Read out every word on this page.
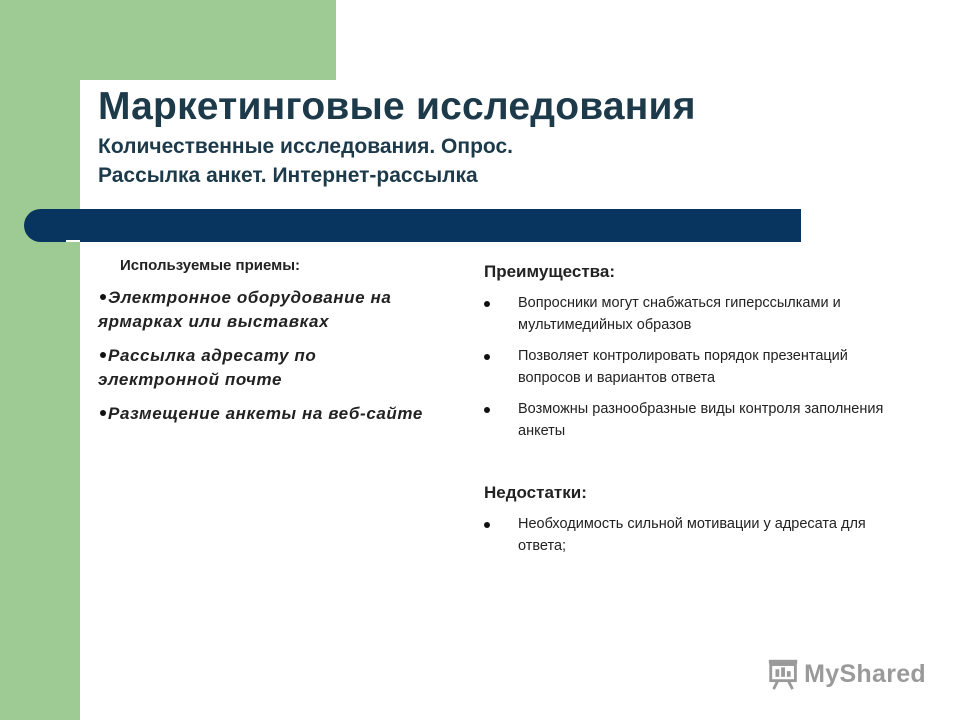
Маркетинговые исследования
Количественные исследования. Опрос.
Рассылка анкет. Интернет-рассылка
Используемые приемы:
Электронное оборудование на ярмарках или выставках
Рассылка адресату по электронной почте
Размещение анкеты на веб-сайте
Преимущества:
Вопросники могут снабжаться гиперссылками и мультимедийных образов
Позволяет контролировать порядок презентаций вопросов и вариантов ответа
Возможны разнообразные виды контроля заполнения анкеты
Недостатки:
Необходимость сильной мотивации у адресата для ответа;
MyShared
